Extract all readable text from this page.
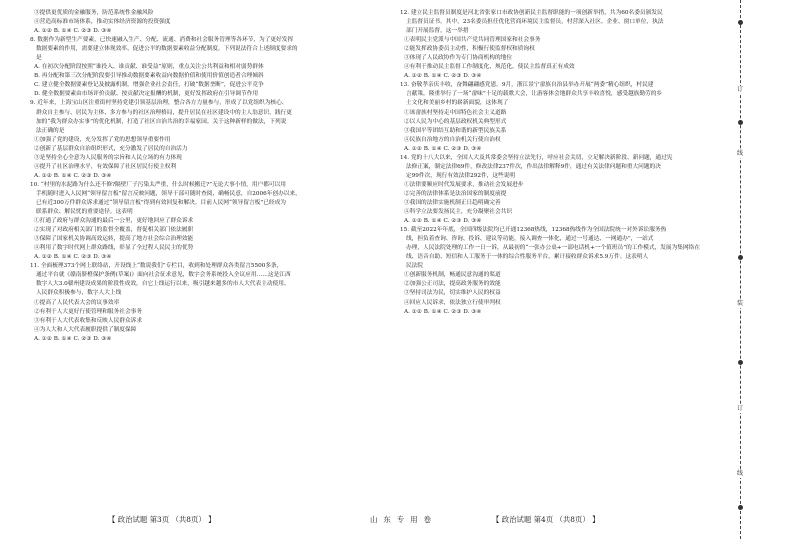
③提供更优质的金融服务，防范系统性金融风险
④营造高标准市场体系，推动实体经济资源的投资强度
A. ①② B. ①④ C. ②③ D. ③④
8. 数据作为新型生产要素，已快速融入生产、分配、流通、消费和社会服务管理等各环节，为了更好发挥
数据要素的作用，需要建立体现效率、促进公平的数据要素收益分配制度。下列说法符合上述制度要求的
是
A. 在初次分配阶段按照“谁投入、谁贡献、谁受益”原则，重点关注公共利益和相对弱势群体
B. 再分配和第三次分配阶段要引导推动数据要素收益向数据价值和使用价值创造者合理倾斜
C. 建立健全数据要素登记及披露机制，增强企业社会责任，打破“数据垄断”，促进公平竞争
D. 健全数据要素由市场评价贡献、按贡献决定报酬的机制，更好发挥政府在引导调节作用
9. 近年来，上海宝山区注重街村坚持党建引领基层治理，整合各方力量参与，形成了以党组织为核心、
群众自主参与、居民为主体、多方参与的社区治理格局，提升居民在社区建设中的主人翁意识，践行更
加的“我为群众办实事”的优化机制，打造了社区自治共治的幸福家园。关于这种新样的做法，下列说
法正确的是
①加强了党的建设，充分发挥了党的思想领导重要作用
②创新了基层群众自治组织形式，充分激发了居民的自治活力
③是坚持全心全意为人民服务的宗旨和人民立场的有力体现
④提升了社区治理水平，有效保障了社区居民行使主权利
A. ①② B. ①④ C. ②③ D. ③④
10. “村里的水泥路为什么还不修?隔壁厂子污染太严重，什么时候搬迁?”无论大事小情，用户都可以用
手机随时进入人民网“领导留言板”留言反映问题，领导干部可随时查阅，确畅民意，自2006年创办以来，
已有近300万件群众诉求通过“领导留言板”得到有效回复和解决。目前人民网“领导留言板”已经成为
联系群众、解民忧的重要途径。这表明
①打通了政府与群众沟通的最后一公里，更好地回应了群众诉求
②实现了对政府相关部门的监督全覆盖，督促相关部门依法履职
③保障了国家机关协调高效运转，提高了地方社会综合治理效能
④利用了数字时代网上群众路线，彰显了全过程人民民主的优势
A. ①② B. ①④ C. ②③ D. ③④
11. 全面梳理373个网上联络站，开设线上“数说我们”专栏目，收到和处理群众各类留言5500多条，
通过平台就《赣南脐橙保护条例(草案)》面向社会征求意见，数字会务系统投入全议应用……这是江西
数字人大3.0赣州建设成果的阶段性成效，自它上线运行以来，吸引越来越多的市人大代表主动使用、
人民群众积极参与，数字人大上线
①提高了人民代表大会的议事效率
②有利于人大更好行使管理和服务社会事务
③有利于人大代表收集和反映人民群众诉求
④为人大和人大代表履职提供了制度保障
A. ①② B. ①④ C. ②③ D. ③④
12. 建立民主监督员制度是河北省张家口市政协创新民主监督职能的一项创新举措，共为60名委员颁发民
主监督员证书。其中，23名委员担任优化营商环境民主监督员，村营深入社区、企业、窗口单位，执法
部门开展监督，这一举措
①表明民主党派与中国共产党共同管理国家和社会事务
②能发挥政协委员主动性，积极行使监督权和质询权
③体现了人民政协作为专门协商机构的地位
④有利于推动民主监督工作制度化、规范化，使民主监督真正有成效
A. ①② B. ①④ C. ②③ D. ③④
13. 奋敬孝亲庆丰收，奋舞翩翩感党恩。9月，浙江景宁畲族自治县举办开展“两委”精心组织，村民建
言献策，隆重举行了一场“畲味”十足的载歌大会，让游客体会地群众共享丰收喜悦，感受越族勤劳的乡
土文化和美丽乡村的崭新面貌，这体现了
①该畲族村坚持走中国特色社会主义道路
②以人民为中心的基层政权机关典型形式
③我国平等团结互助和谐的新型民族关系
④民族自治地方的自治机关行使自治权
A. ①② B. ①④ C. ②③ D. ③④
14. 党的十八大以来，全国人大及其常委会坚持立法先行，呼应社会关切，立足解决新阶段、新问题，通过宪
法修正案，制定法律69件，修改法律237件次，作出法律解释9件，通过有关法律问题和重大问题的决
定99件次，现行有效法律292件，这些说明
①法律要顺应时代发展要求，推动社会发展进步
②完善的法律体系是法治国家的制度前提
③我国的法律实施机制正日趋明确完善
④科学立法要发扬民主，充分凝聚社会共识
A. ①② B. ①④ C. ②③ D. ③④
15. 截至2022年年底，全国四级法院均已开通12368热线，12368热线作为全国法院统一对外诉讼服务热
线，担负着查询、咨询、投诉、建议等功能，接入调查一体化，通过一号通达、一网通办”，一站式
办理，人民法院处理的工作一日一诉，从最初的“一张办公桌+一部电话机+一个值班员”的工作模式，发展为集网络在
线、语音自助、短信和人工服务于一体的综合性服务平台，累计接收群众诉求5.9万件。这表明人
民法院
①创新服务机制，畅通民意沟通的渠道
②加强公正司法，提高政务服务的效能
③坚持司法为民，切实维护人民的权益
④回应人民诉求，依法独立行使审判权
A. ①② B. ①④ C. ②③ D. ③④
【 政治试题 第3页 （共8页） 】	山东专用卷	【 政治试题 第4页 （共8页） 】
订
线
装
订
线
